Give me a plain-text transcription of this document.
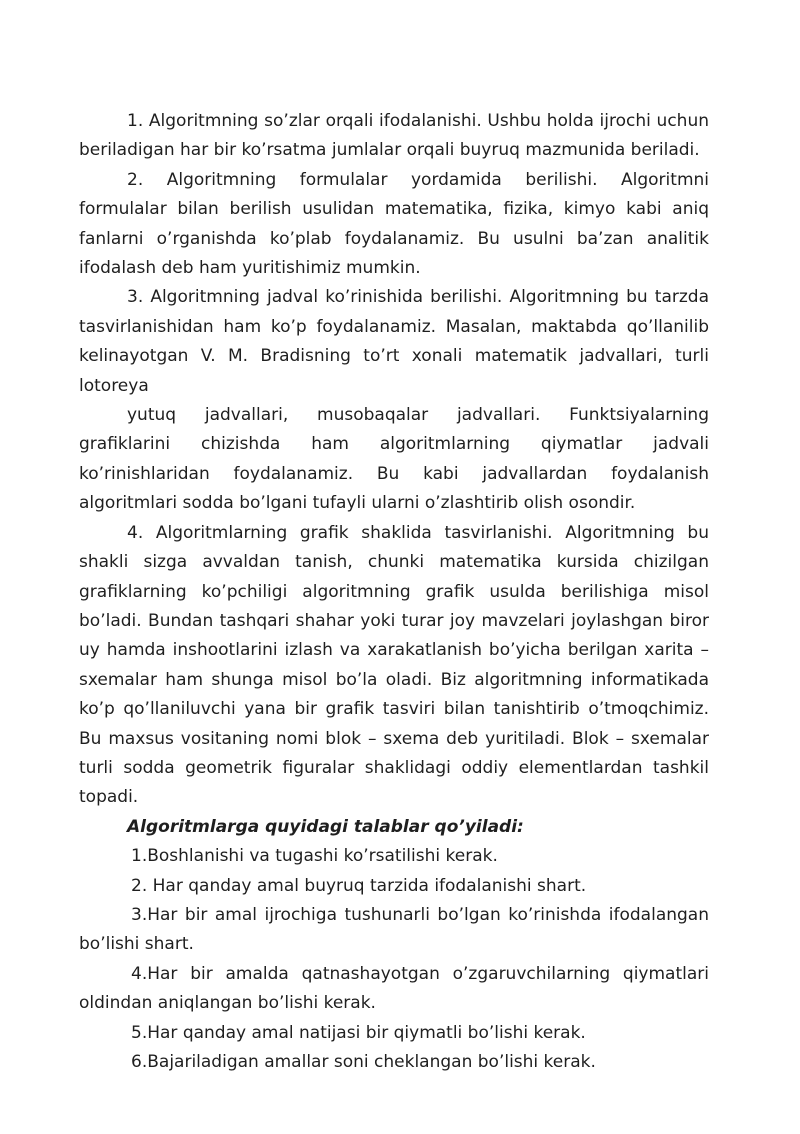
1. Algoritmning so’zlar orqali ifodalanishi. Ushbu holda ijrochi uchun beriladigan har bir ko’rsatma jumlalar orqali buyruq mazmunida beriladi.

2. Algoritmning formulalar yordamida berilishi. Algoritmni formulalar bilan berilish usulidan matematika, fizika, kimyo kabi aniq fanlarni o’rganishda ko’plab foydalanamiz. Bu usulni ba’zan analitik ifodalash deb ham yuritishimiz mumkin.

3. Algoritmning jadval ko’rinishida berilishi. Algoritmning bu tarzda tasvirlanishidan ham ko’p foydalanamiz. Masalan, maktabda qo’llanilib kelinayotgan V. M. Bradisning to’rt xonali matematik jadvallari, turli lotoreya

yutuq jadvallari, musobaqalar jadvallari. Funktsiyalarning grafiklarini chizishda ham algoritmlarning qiymatlar jadvali ko’rinishlaridan foydalanamiz. Bu kabi jadvallardan foydalanish algoritmlari sodda bo’lgani tufayli ularni o’zlashtirib olish osondir.

4. Algoritmlarning grafik shaklida tasvirlanishi. Algoritmning bu shakli sizga avvaldan tanish, chunki matematika kursida chizilgan grafiklarning ko’pchiligi algoritmning grafik usulda berilishiga misol bo’ladi. Bundan tashqari shahar yoki turar joy mavzelari joylashgan biror uy hamda inshootlarini izlash va xarakatlanish bo’yicha berilgan xarita – sxemalar ham shunga misol bo’la oladi. Biz algoritmning informatikada ko’p qo’llaniluvchi yana bir grafik tasviri bilan tanishtirib o’tmoqchimiz. Bu maxsus vositaning nomi blok – sxema deb yuritiladi. Blok – sxemalar turli sodda geometrik figuralar shaklidagi oddiy elementlardan tashkil topadi.

Algoritmlarga quyidagi talablar qo’yiladi:

1.Boshlanishi va tugashi ko’rsatilishi kerak.
2. Har qanday amal buyruq tarzida ifodalanishi shart.
3.Har bir amal ijrochiga tushunarli bo’lgan ko’rinishda ifodalangan bo’lishi shart.
4.Har bir amalda qatnashayotgan o’zgaruvchilarning qiymatlari oldindan aniqlangan bo’lishi kerak.
5.Har qanday amal natijasi bir qiymatli bo’lishi kerak.
6.Bajariladigan amallar soni cheklangan bo’lishi kerak.
